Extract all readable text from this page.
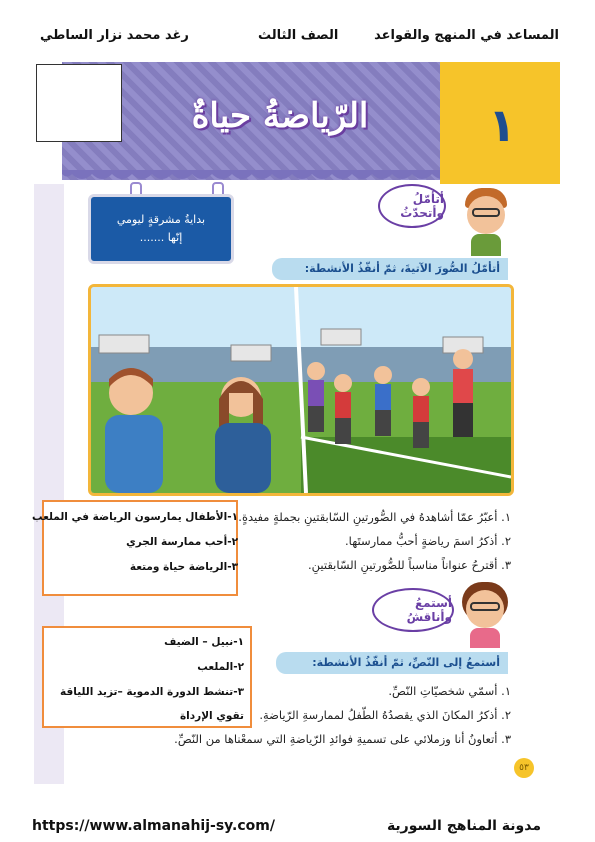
المساعد في المنهج والقواعد
الصف الثالث
رغد محمد نزار الساطي
١
الرّياضةُ حياةٌ
بدايةُ مشرقةٍ ليومي
إنّها .......
أتأمّلُ وأتحدّثُ
أتأمّلُ الصُّورَ الآتيةَ، ثمّ أنفّذُ الأنشطة:
١. أعبّرُ عمّا أشاهدهُ في الصُّورتينِ السّابقتينِ بجملةٍ مفيدةٍ.
٢. أذكرُ اسمَ رياضةٍ أحبُّ ممارستَها.
٣. أقترحُ عنواناً مناسباً للصُّورتينِ السّابقتينِ.
١-الأطفال يمارسون الرياضة في الملعب
٢-أحب ممارسة الجري
٣-الرياضة حياة ومتعة
أستمعُ وأناقشُ
أستمعُ إلى النّصِّ، ثمّ أنفّذُ الأنشطة:
١. أسمّي شخصيّاتِ النّصِّ.
٢. أذكرُ المكانَ الذي يقصدُهُ الطّفلُ لممارسةِ الرّياضةِ.
٣. أتعاونُ أنا وزملائي على تسميةِ فوائدِ الرّياضةِ التي سمعْناها من النّصِّ.
١-نبيل – الضيف
٢-الملعب
٣-تنشط الدورة الدموية –تزيد اللياقة
تقوي الإرداة
٥٣
https://www.almanahij-sy.com/	مدونة المناهج السورية
